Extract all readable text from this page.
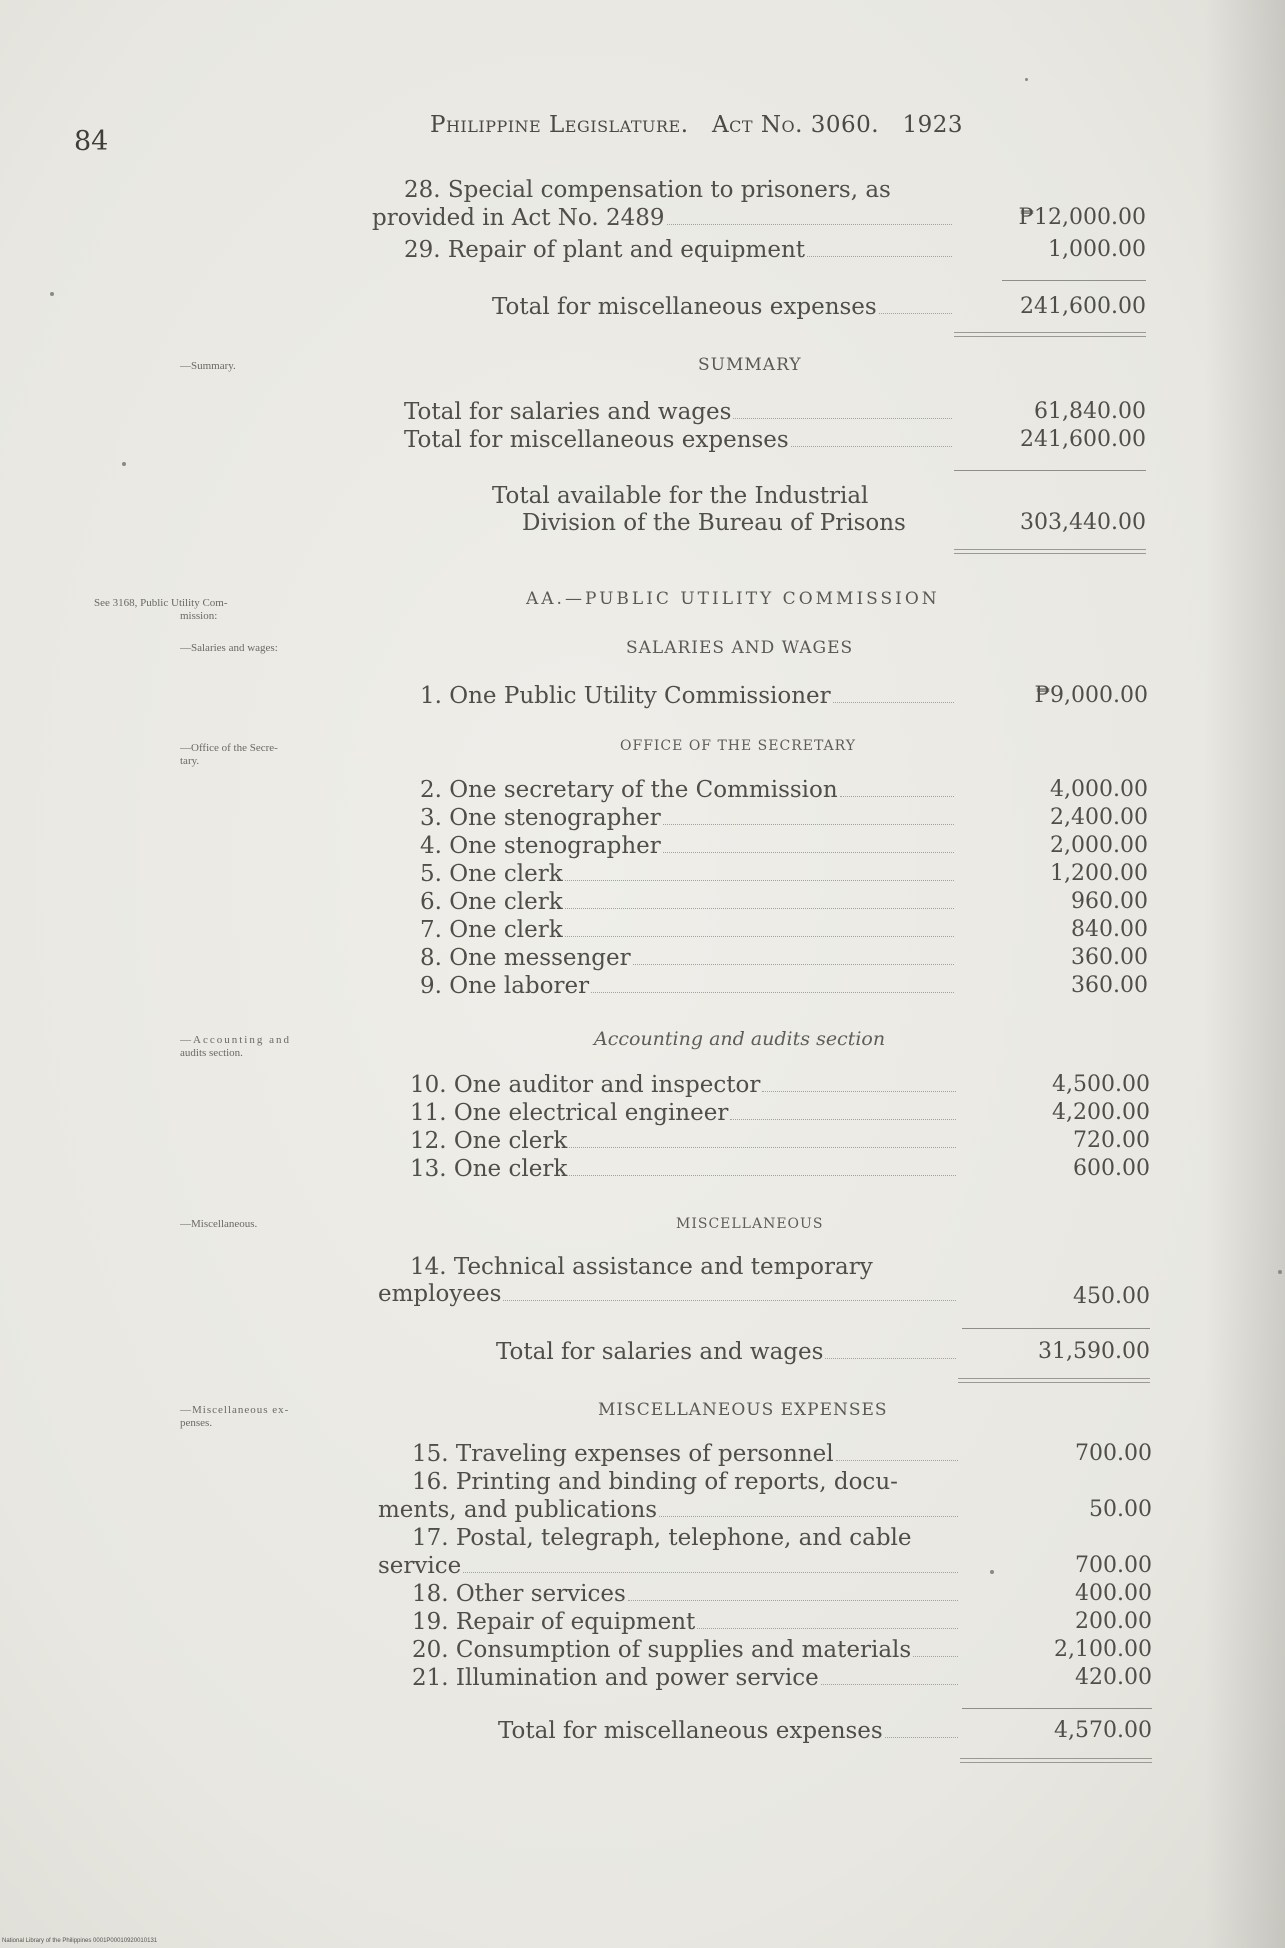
84
Philippine Legislature. Act No. 3060. 1923
—Summary.
See 3168, Public Utility Com-
mission:
—Salaries and wages:
—Office of the Secre-
tary.
—Accounting and
audits section.
—Miscellaneous.
—Miscellaneous ex-
penses.
28. Special compensation to prisoners, as
provided in Act No. 2489	₱12,000.00
29. Repair of plant and equipment	1,000.00
Total for miscellaneous expenses	241,600.00
SUMMARY
Total for salaries and wages	61,840.00
Total for miscellaneous expenses	241,600.00
Total available for the Industrial
Division of the Bureau of Prisons	303,440.00
AA.—PUBLIC UTILITY COMMISSION
SALARIES AND WAGES
1. One Public Utility Commissioner	₱9,000.00
OFFICE OF THE SECRETARY
2. One secretary of the Commission	4,000.00
3. One stenographer	2,400.00
4. One stenographer	2,000.00
5. One clerk	1,200.00
6. One clerk	960.00
7. One clerk	840.00
8. One messenger	360.00
9. One laborer	360.00
Accounting and audits section
10. One auditor and inspector	4,500.00
11. One electrical engineer	4,200.00
12. One clerk	720.00
13. One clerk	600.00
MISCELLANEOUS
14. Technical assistance and temporary
employees	450.00
Total for salaries and wages	31,590.00
MISCELLANEOUS EXPENSES
15. Traveling expenses of personnel	700.00
16. Printing and binding of reports, docu-
ments, and publications	50.00
17. Postal, telegraph, telephone, and cable
service	700.00
18. Other services	400.00
19. Repair of equipment	200.00
20. Consumption of supplies and materials	2,100.00
21. Illumination and power service	420.00
Total for miscellaneous expenses	4,570.00
National Library of the Philippines 0001P00010920010131
